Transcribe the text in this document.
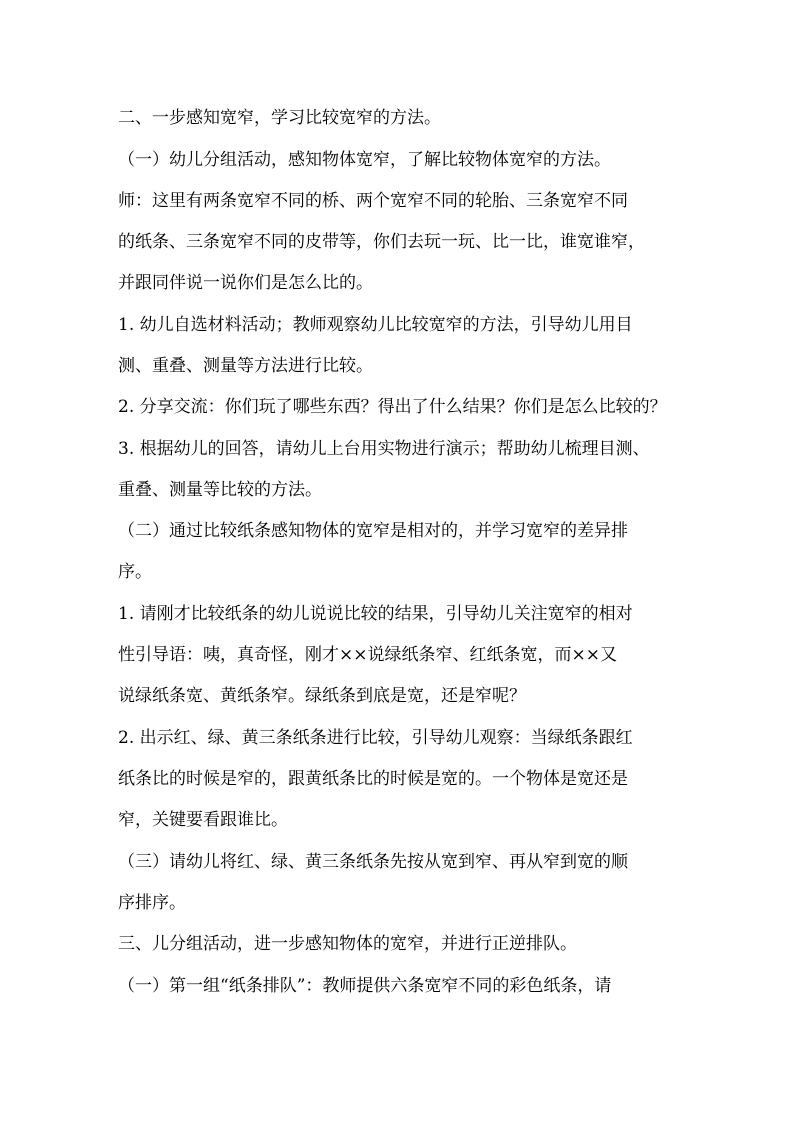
二、一步感知宽窄，学习比较宽窄的方法。
（一）幼儿分组活动，感知物体宽窄，了解比较物体宽窄的方法。
师：这里有两条宽窄不同的桥、两个宽窄不同的轮胎、三条宽窄不同
的纸条、三条宽窄不同的皮带等，你们去玩一玩、比一比，谁宽谁窄，
并跟同伴说一说你们是怎么比的。
1. 幼儿自选材料活动；教师观察幼儿比较宽窄的方法，引导幼儿用目
测、重叠、测量等方法进行比较。
2. 分享交流：你们玩了哪些东西？得出了什么结果？你们是怎么比较的？
3. 根据幼儿的回答，请幼儿上台用实物进行演示；帮助幼儿梳理目测、
重叠、测量等比较的方法。
（二）通过比较纸条感知物体的宽窄是相对的，并学习宽窄的差异排
序。
1. 请刚才比较纸条的幼儿说说比较的结果，引导幼儿关注宽窄的相对
性引导语：咦，真奇怪，刚才××说绿纸条窄、红纸条宽，而××又
说绿纸条宽、黄纸条窄。绿纸条到底是宽，还是窄呢？
2. 出示红、绿、黄三条纸条进行比较，引导幼儿观察：当绿纸条跟红
纸条比的时候是窄的，跟黄纸条比的时候是宽的。一个物体是宽还是
窄，关键要看跟谁比。
（三）请幼儿将红、绿、黄三条纸条先按从宽到窄、再从窄到宽的顺
序排序。
三、儿分组活动，进一步感知物体的宽窄，并进行正逆排队。
（一）第一组“纸条排队”：教师提供六条宽窄不同的彩色纸条，请
